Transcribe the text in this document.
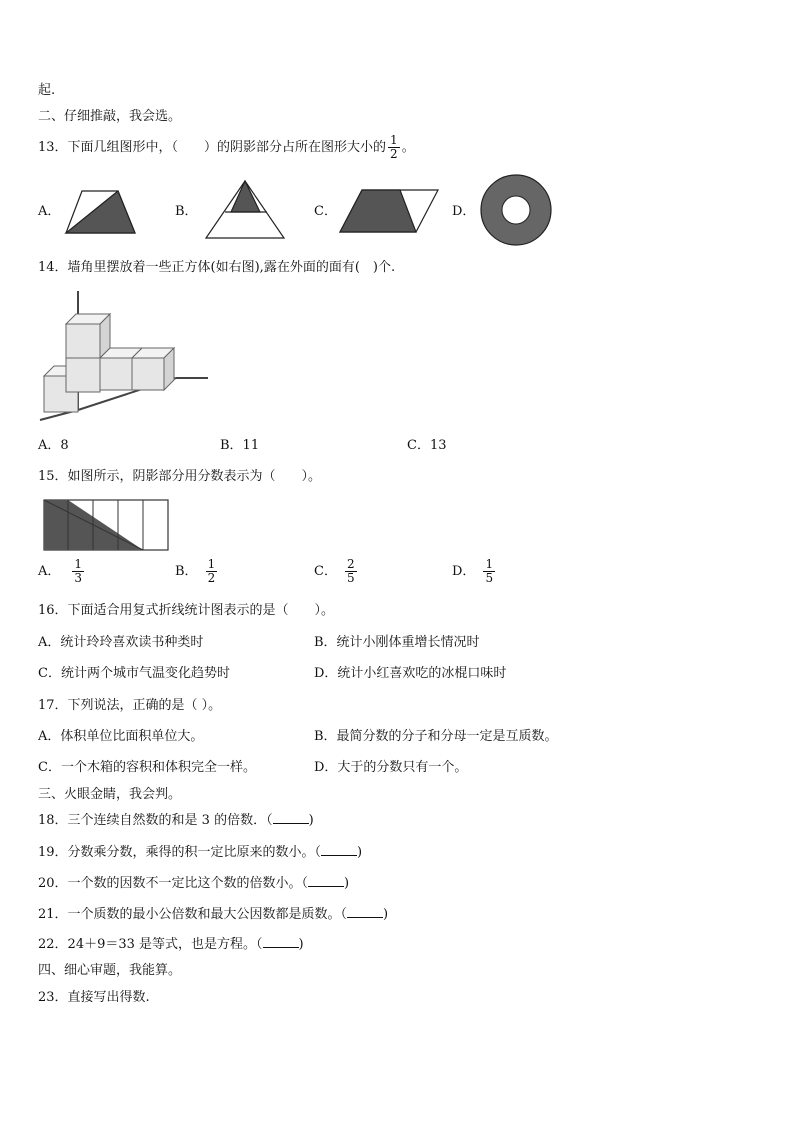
起.
二、仔细推敲，我会选。
13．下面几组图形中，（　　）的阴影部分占所在图形大小的 $\frac{1}{2}$ 。
A．	B．	C．	D．
14．墙角里摆放着一些正方体(如右图),露在外面的面有(　)个.
A．8	B．11	C．13
15．如图所示，阴影部分用分数表示为（　　）。
A． $\frac{1}{3}$	B． $\frac{1}{2}$	C． $\frac{2}{5}$	D． $\frac{1}{5}$
16．下面适合用复式折线统计图表示的是（　　）。
A．统计玲玲喜欢读书种类时	B．统计小刚体重增长情况时
C．统计两个城市气温变化趋势时	D．统计小红喜欢吃的冰棍口味时
17．下列说法，正确的是（ ）。
A．体积单位比面积单位大。	B．最简分数的分子和分母一定是互质数。
C．一个木箱的容积和体积完全一样。	D．大于的分数只有一个。
三、火眼金睛，我会判。
18．三个连续自然数的和是 3 的倍数．（	)
19．分数乘分数，乘得的积一定比原来的数小。（	)
20．一个数的因数不一定比这个数的倍数小。（	)
21．一个质数的最小公倍数和最大公因数都是质数。（	)
22．24＋9＝33 是等式，也是方程。（	)
四、细心审题，我能算。
23．直接写出得数.
